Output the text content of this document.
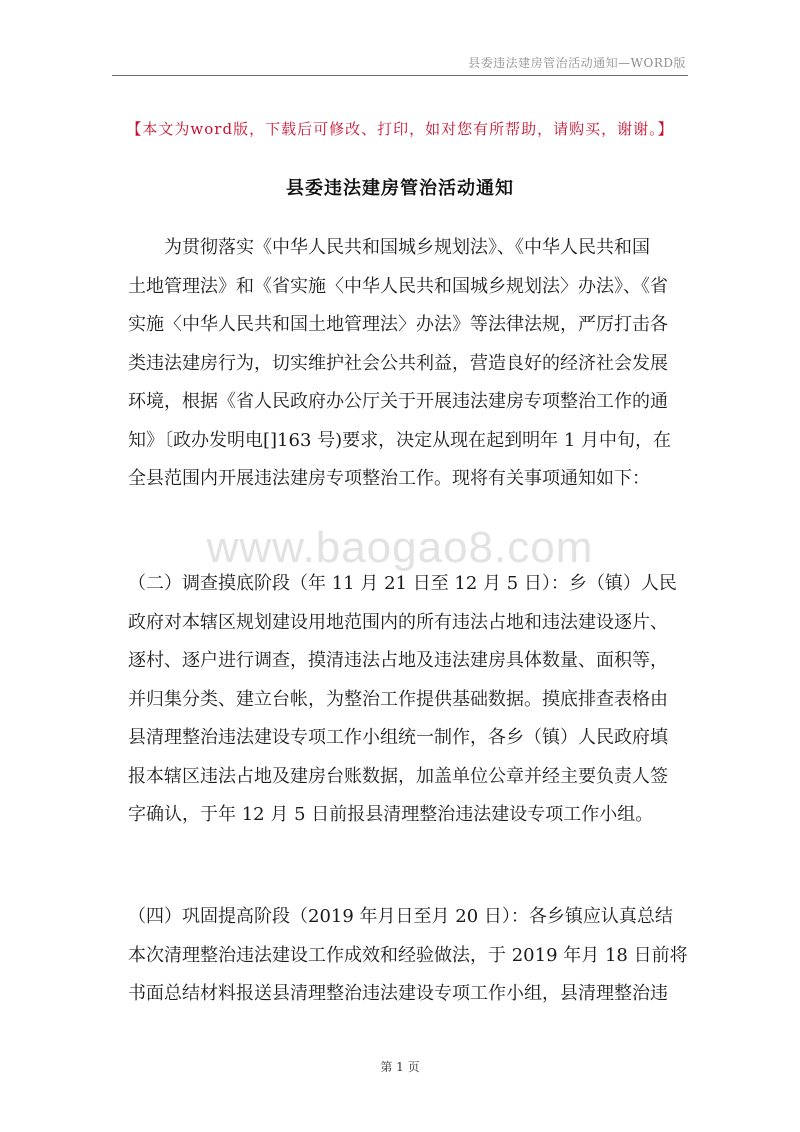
县委违法建房管治活动通知—WORD版
【本文为word版，下载后可修改、打印，如对您有所帮助，请购买，谢谢。】
县委违法建房管治活动通知
www.baogao8.com
为贯彻落实《中华人民共和国城乡规划法》、《中华人民共和国
土地管理法》和《省实施〈中华人民共和国城乡规划法〉办法》、《省
实施〈中华人民共和国土地管理法〉办法》等法律法规，严厉打击各
类违法建房行为，切实维护社会公共利益，营造良好的经济社会发展
环境，根据《省人民政府办公厅关于开展违法建房专项整治工作的通
知》〔政办发明电[]163 号)要求，决定从现在起到明年 1 月中旬，在
全县范围内开展违法建房专项整治工作。现将有关事项通知如下：
（二）调查摸底阶段（年 11 月 21 日至 12 月 5 日）：乡（镇）人民
政府对本辖区规划建设用地范围内的所有违法占地和违法建设逐片、
逐村、逐户进行调查，摸清违法占地及违法建房具体数量、面积等，
并归集分类、建立台帐，为整治工作提供基础数据。摸底排查表格由
县清理整治违法建设专项工作小组统一制作，各乡（镇）人民政府填
报本辖区违法占地及建房台账数据，加盖单位公章并经主要负责人签
字确认，于年 12 月 5 日前报县清理整治违法建设专项工作小组。
（四）巩固提高阶段（2019 年月日至月 20 日）：各乡镇应认真总结
本次清理整治违法建设工作成效和经验做法，于 2019 年月 18 日前将
书面总结材料报送县清理整治违法建设专项工作小组，县清理整治违
第 1 页
